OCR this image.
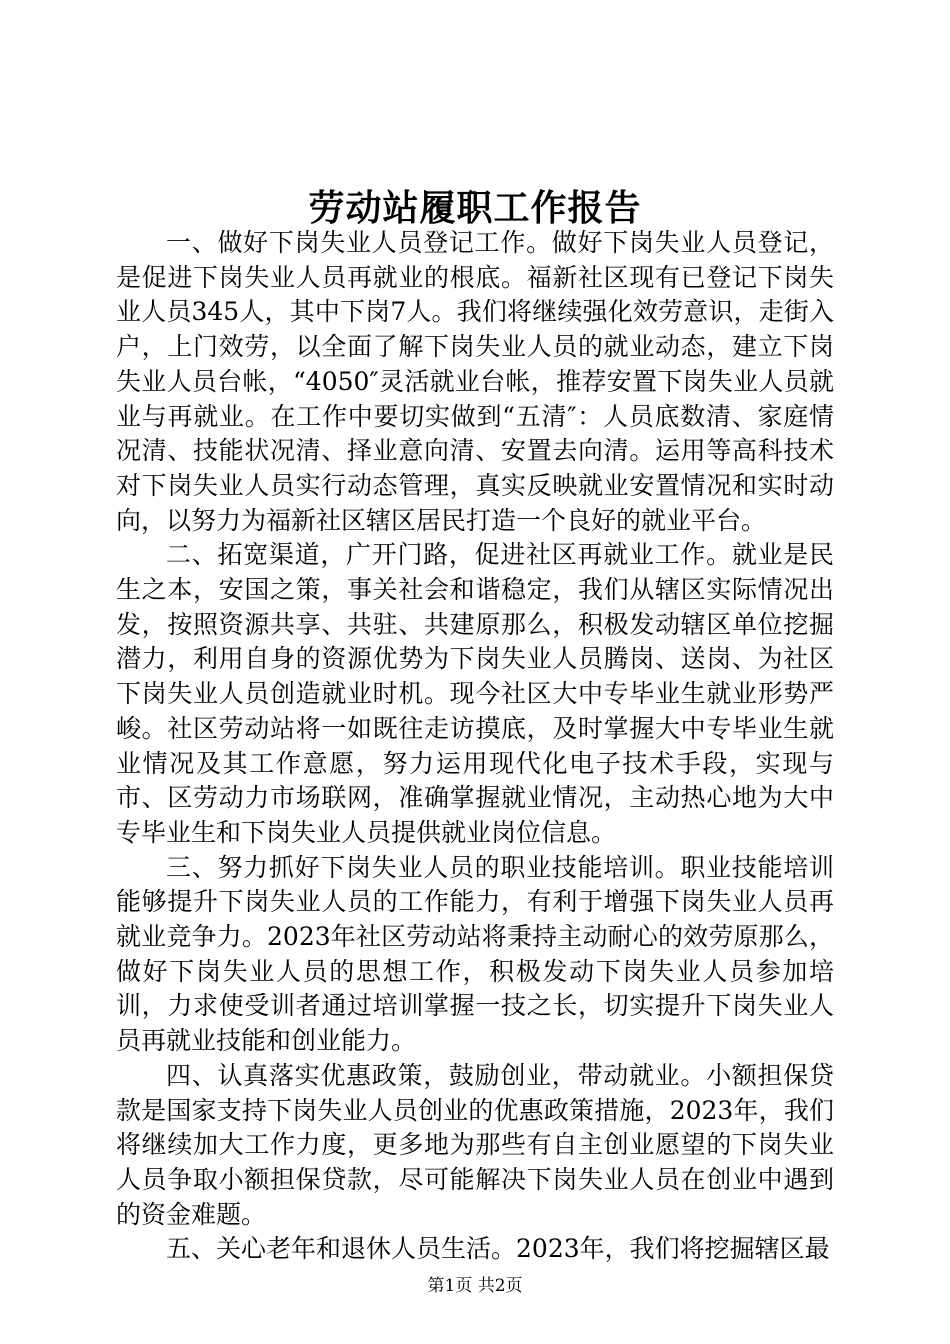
劳动站履职工作报告

一、做好下岗失业人员登记工作。做好下岗失业人员登记，是促进下岗失业人员再就业的根底。福新社区现有已登记下岗失业人员345人，其中下岗7人。我们将继续强化效劳意识，走街入户，上门效劳，以全面了解下岗失业人员的就业动态，建立下岗失业人员台帐，“4050″灵活就业台帐，推荐安置下岗失业人员就业与再就业。在工作中要切实做到“五清″：人员底数清、家庭情况清、技能状况清、择业意向清、安置去向清。运用等高科技术对下岗失业人员实行动态管理，真实反映就业安置情况和实时动向，以努力为福新社区辖区居民打造一个良好的就业平台。

二、拓宽渠道，广开门路，促进社区再就业工作。就业是民生之本，安国之策，事关社会和谐稳定，我们从辖区实际情况出发，按照资源共享、共驻、共建原那么，积极发动辖区单位挖掘潜力，利用自身的资源优势为下岗失业人员腾岗、送岗、为社区下岗失业人员创造就业时机。现今社区大中专毕业生就业形势严峻。社区劳动站将一如既往走访摸底，及时掌握大中专毕业生就业情况及其工作意愿，努力运用现代化电子技术手段，实现与市、区劳动力市场联网，准确掌握就业情况，主动热心地为大中专毕业生和下岗失业人员提供就业岗位信息。

三、努力抓好下岗失业人员的职业技能培训。职业技能培训能够提升下岗失业人员的工作能力，有利于增强下岗失业人员再就业竞争力。2023年社区劳动站将秉持主动耐心的效劳原那么，做好下岗失业人员的思想工作，积极发动下岗失业人员参加培训，力求使受训者通过培训掌握一技之长，切实提升下岗失业人员再就业技能和创业能力。

四、认真落实优惠政策，鼓励创业，带动就业。小额担保贷款是国家支持下岗失业人员创业的优惠政策措施，2023年，我们将继续加大工作力度，更多地为那些有自主创业愿望的下岗失业人员争取小额担保贷款，尽可能解决下岗失业人员在创业中遇到的资金难题。

五、关心老年和退休人员生活。2023年，我们将挖掘辖区最

第1页 共2页
